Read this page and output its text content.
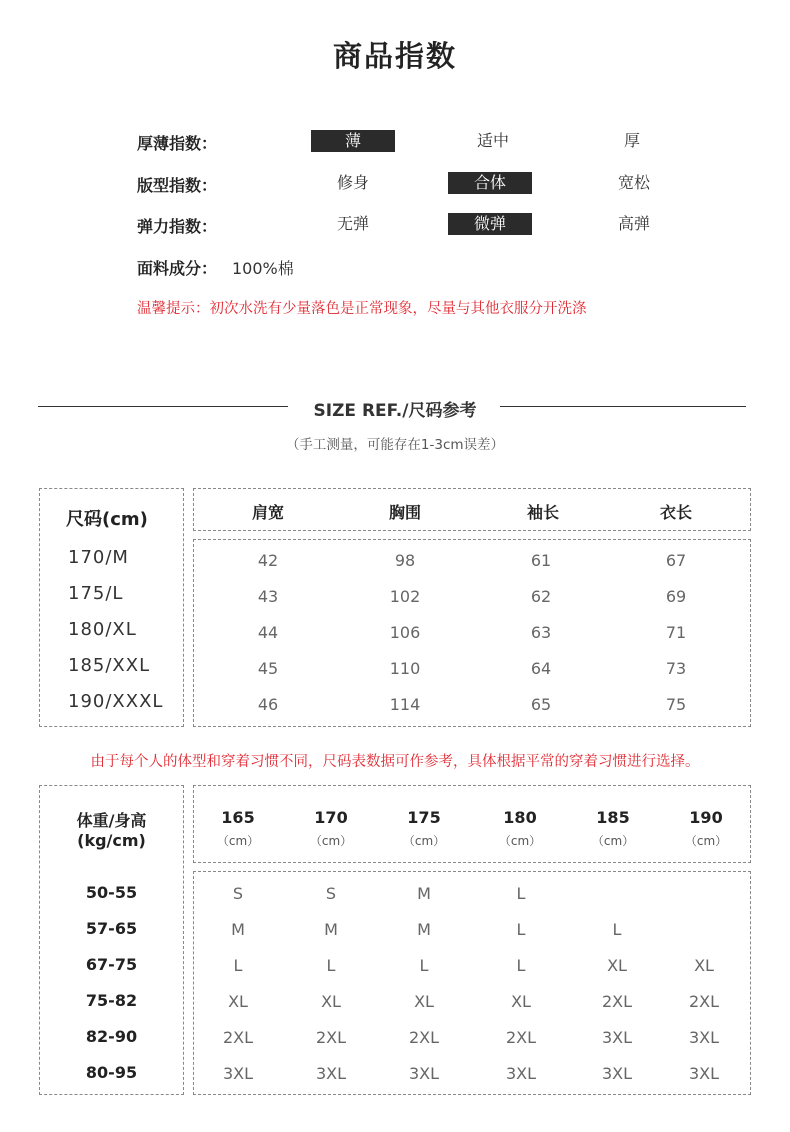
商品指数
厚薄指数：	薄	适中	厚
版型指数：	修身	合体	宽松
弹力指数：	无弹	微弹	高弹
面料成分： 100%棉
温馨提示：初次水洗有少量落色是正常现象，尽量与其他衣服分开洗涤
SIZE REF./尺码参考
（手工测量，可能存在1-3cm误差）
尺码(cm)	肩宽	胸围	袖长	衣长
170/M	42	98	61	67
175/L	43	102	62	69
180/XL	44	106	63	71
185/XXL	45	110	64	73
190/XXXL	46	114	65	75
由于每个人的体型和穿着习惯不同，尺码表数据可作参考，具体根据平常的穿着习惯进行选择。
体重/身高
(kg/cm)
165	170	175	180	185	190
（cm）	（cm）	（cm）	（cm）	（cm）	（cm）
50-55	S	S	M	L
57-65	M	M	M	L	L
67-75	L	L	L	L	XL	XL
75-82	XL	XL	XL	XL	2XL	2XL
82-90	2XL	2XL	2XL	2XL	3XL	3XL
80-95	3XL	3XL	3XL	3XL	3XL	3XL
